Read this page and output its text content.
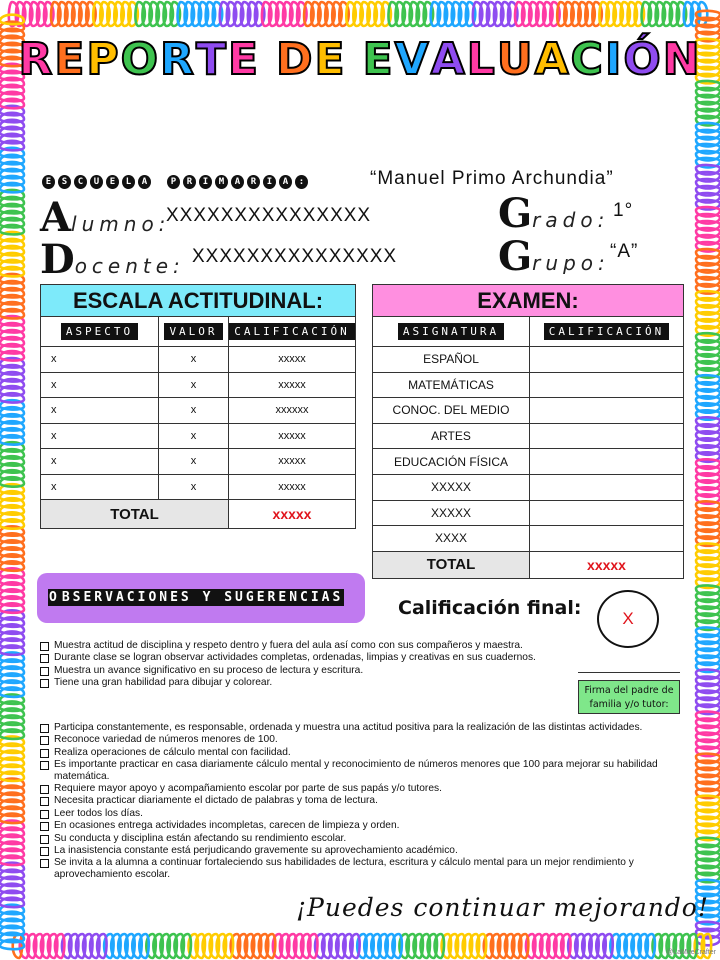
REPORTE DE EVALUACIÓN
E S C U E L A	P R I M A R I A :	“Manuel Primo Archundia”
Alumno:
XXXXXXXXXXXXXXX
Docente: XXXXXXXXXXXXXXX
Grado: 1°
Grupo: “A”
ESCALA ACTITUDINAL:		
ASPECTO	VALOR	CALIFICACIÓN
x	x	xxxxx
x	x	xxxxx
x	x	xxxxxx
x	x	xxxxx
x	x	xxxxx
x	x	xxxxx
TOTAL		xxxxx
EXAMEN:	
ASIGNATURA	CALIFICACIÓN
ESPAÑOL	
MATEMÁTICAS	
CONOC. DEL MEDIO	
ARTES	
EDUCACIÓN FÍSICA	
XXXXX	
XXXXX	
XXXX	
TOTAL	xxxxx
O BSERVACIONES Y SUGERENCIAS	Calificación final:	X
Firma del padre de familia y/o tutor:
Muestra actitud de disciplina y respeto dentro y fuera del aula así como con sus compañeros y maestra.
Durante clase se logran observar actividades completas, ordenadas, limpias y creativas en sus cuadernos.
Muestra un avance significativo en su proceso de lectura y escritura.
Tiene una gran habilidad para dibujar y colorear.
Participa constantemente, es responsable, ordenada y muestra una actitud positiva para la realización de las distintas actividades.
Reconoce variedad de números menores de 100.
Realiza operaciones de cálculo mental con facilidad.
Es importante practicar en casa diariamente cálculo mental y reconocimiento de números menores que 100 para mejorar su habilidad matemática.
Requiere mayor apoyo y acompañamiento escolar por parte de sus papás y/o tutores.
Necesita practicar diariamente el dictado de palabras y toma de lectura.
Leer todos los días.
En ocasiones entrega actividades incompletas, carecen de limpieza y orden.
Su conducta y disciplina están afectando su rendimiento escolar.
La inasistencia constante está perjudicando gravemente su aprovechamiento académico.
Se invita a la alumna a continuar fortaleciendo sus habilidades de lectura, escritura y cálculo mental para un mejor rendimiento y aprovechamiento escolar.
¡Puedes continuar mejorando!
@LaMaeCrafter
